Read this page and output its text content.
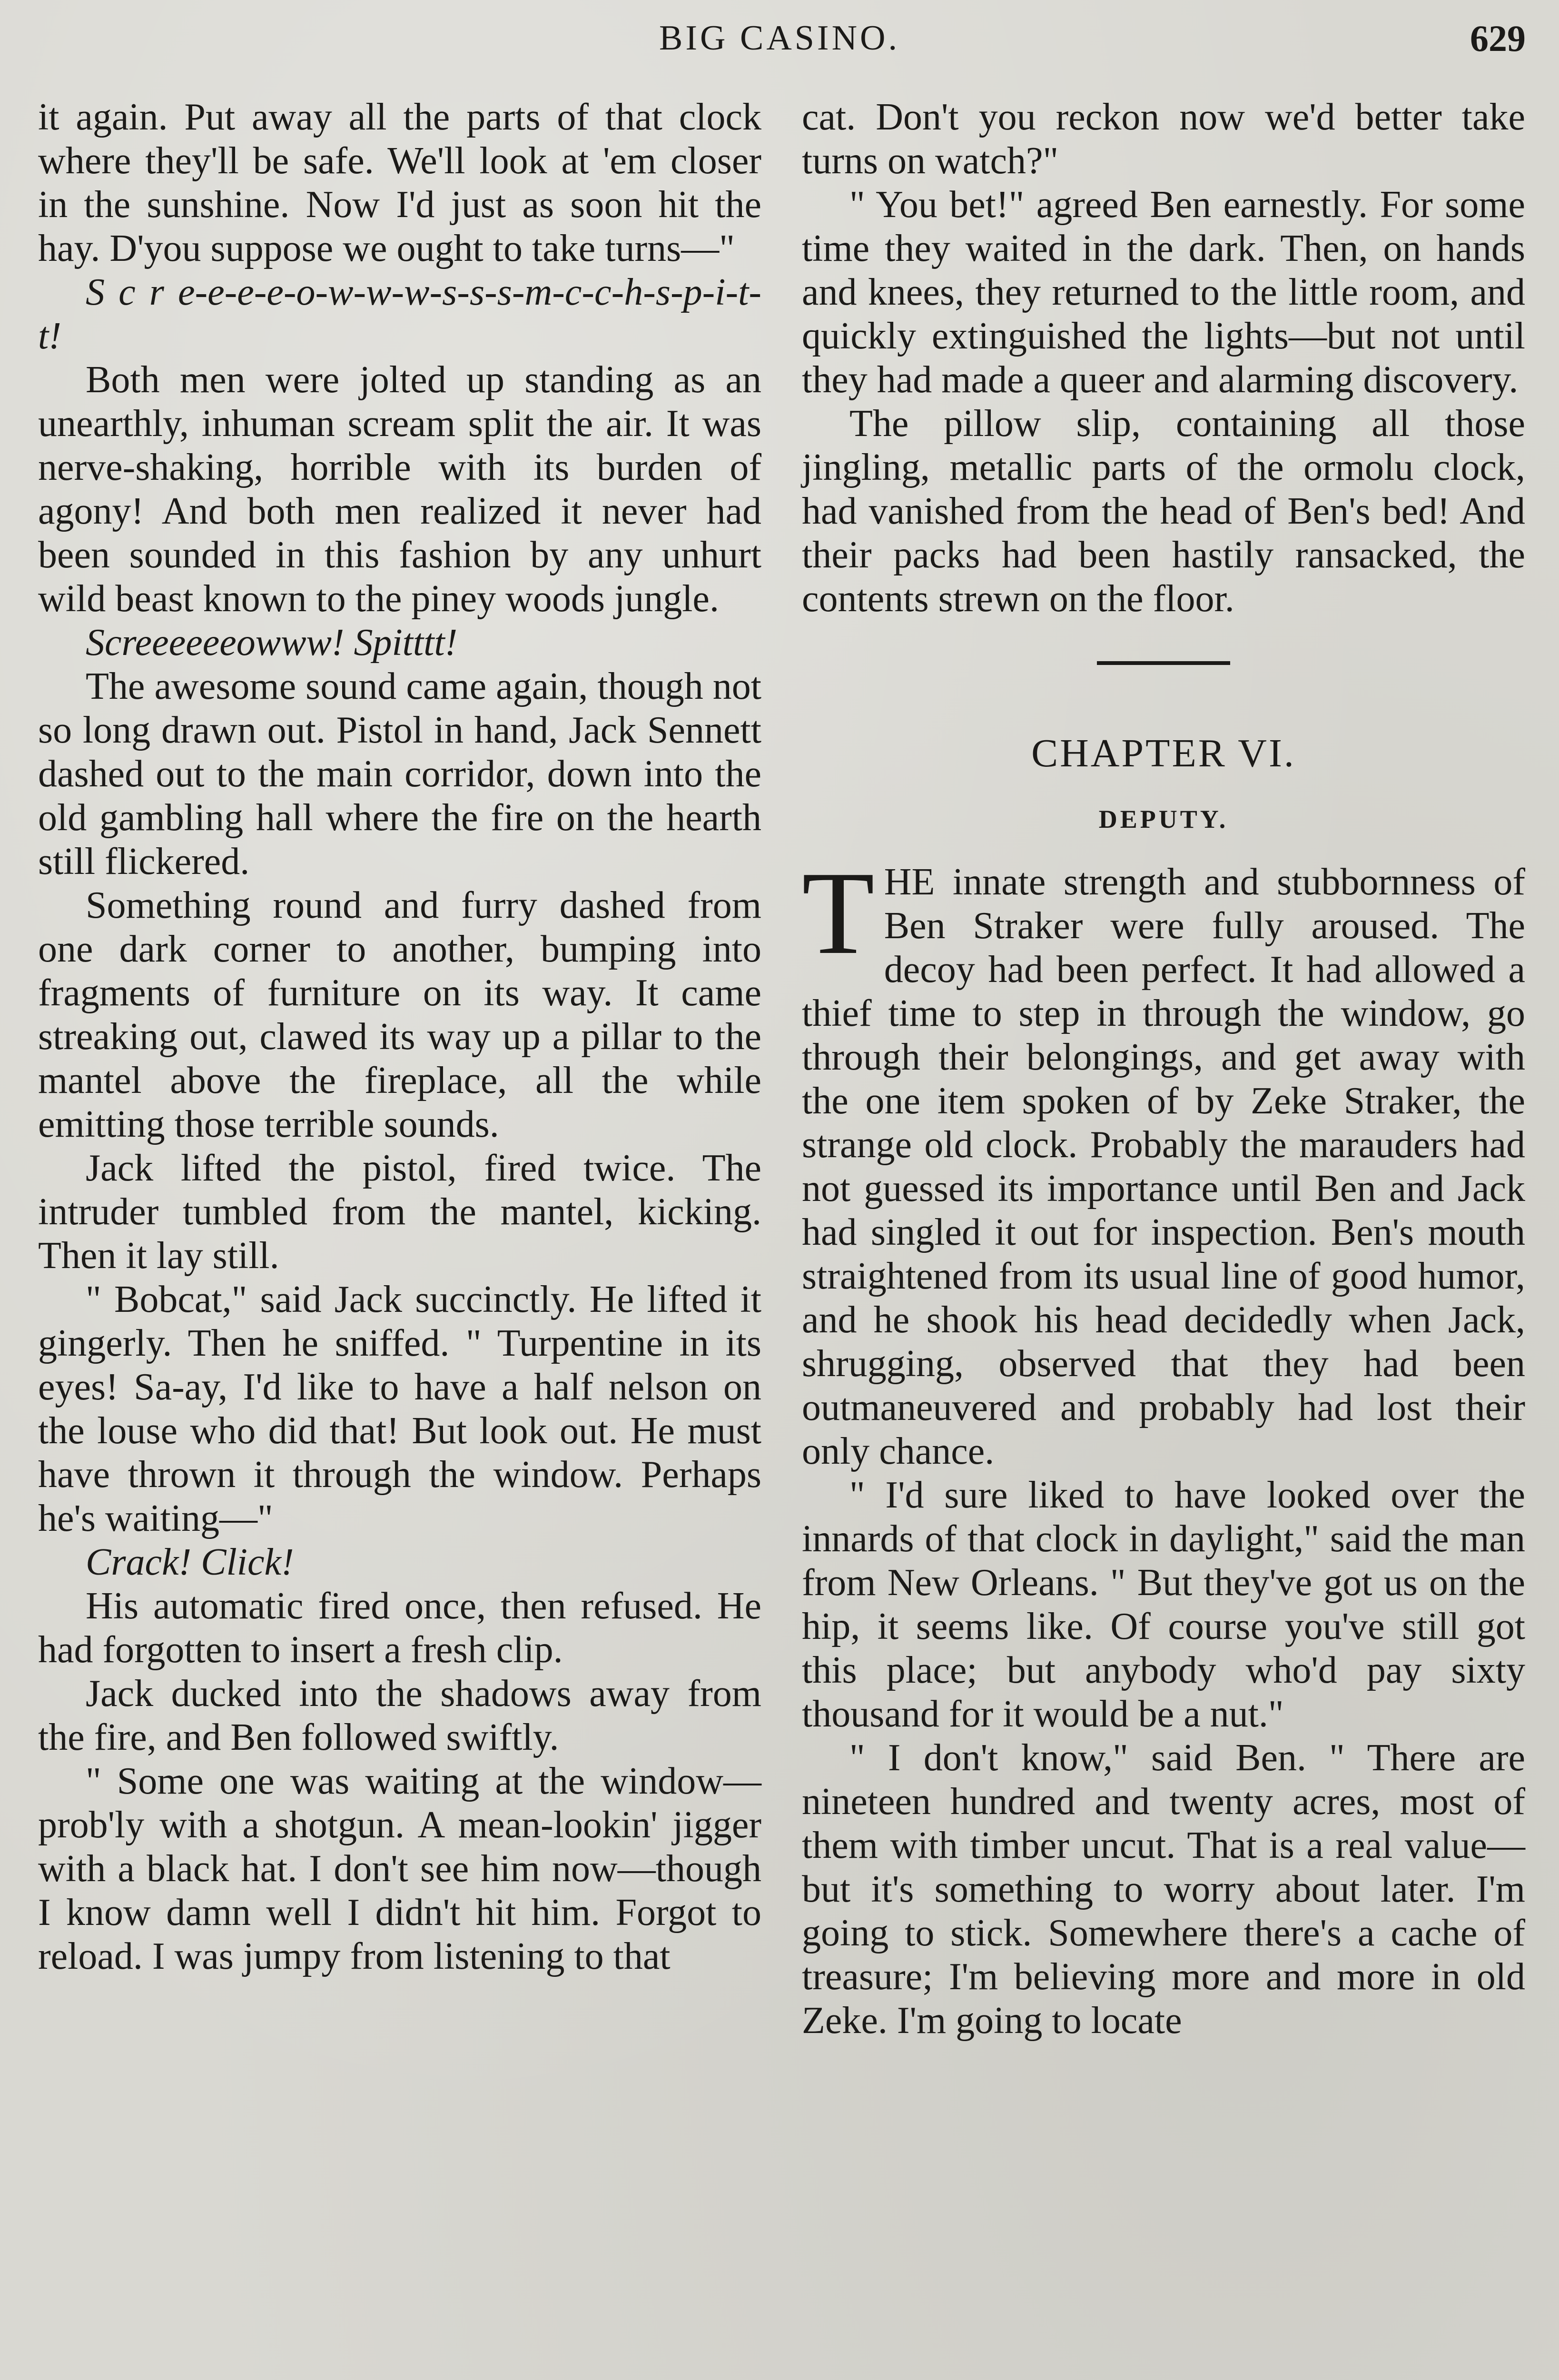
BIG CASINO.	629

it again. Put away all the parts of that clock where they'll be safe. We'll look at 'em closer in the sunshine. Now I'd just as soon hit the hay. D'you suppose we ought to take turns—"

S c r e-e-e-e-o-w-w-w-s-s-s-m-c-c-h-s-p-i-t-t!

Both men were jolted up standing as an unearthly, inhuman scream split the air. It was nerve-shaking, horrible with its burden of agony! And both men realized it never had been sounded in this fashion by any unhurt wild beast known to the piney woods jungle.

Screeeeeeowww! Spitttt!

The awesome sound came again, though not so long drawn out. Pistol in hand, Jack Sennett dashed out to the main corridor, down into the old gambling hall where the fire on the hearth still flickered.

Something round and furry dashed from one dark corner to another, bumping into fragments of furniture on its way. It came streaking out, clawed its way up a pillar to the mantel above the fireplace, all the while emitting those terrible sounds.

Jack lifted the pistol, fired twice. The intruder tumbled from the mantel, kicking. Then it lay still.

" Bobcat," said Jack succinctly. He lifted it gingerly. Then he sniffed. " Turpentine in its eyes! Sa-ay, I'd like to have a half nelson on the louse who did that! But look out. He must have thrown it through the window. Perhaps he's waiting—"

Crack! Click!

His automatic fired once, then refused. He had forgotten to insert a fresh clip.

Jack ducked into the shadows away from the fire, and Ben followed swiftly.

" Some one was waiting at the window—prob'ly with a shotgun. A mean-lookin' jigger with a black hat. I don't see him now—though I know damn well I didn't hit him. Forgot to reload. I was jumpy from listening to that

cat. Don't you reckon now we'd better take turns on watch?"

" You bet!" agreed Ben earnestly. For some time they waited in the dark. Then, on hands and knees, they returned to the little room, and quickly extinguished the lights—but not until they had made a queer and alarming discovery.

The pillow slip, containing all those jingling, metallic parts of the ormolu clock, had vanished from the head of Ben's bed! And their packs had been hastily ransacked, the contents strewn on the floor.

CHAPTER VI.
DEPUTY.

THE innate strength and stubbornness of Ben Straker were fully aroused. The decoy had been perfect. It had allowed a thief time to step in through the window, go through their belongings, and get away with the one item spoken of by Zeke Straker, the strange old clock. Probably the marauders had not guessed its importance until Ben and Jack had singled it out for inspection. Ben's mouth straightened from its usual line of good humor, and he shook his head decidedly when Jack, shrugging, observed that they had been outmaneuvered and probably had lost their only chance.

" I'd sure liked to have looked over the innards of that clock in daylight," said the man from New Orleans. " But they've got us on the hip, it seems like. Of course you've still got this place; but anybody who'd pay sixty thousand for it would be a nut."

" I don't know," said Ben. " There are nineteen hundred and twenty acres, most of them with timber uncut. That is a real value—but it's something to worry about later. I'm going to stick. Somewhere there's a cache of treasure; I'm believing more and more in old Zeke. I'm going to locate
